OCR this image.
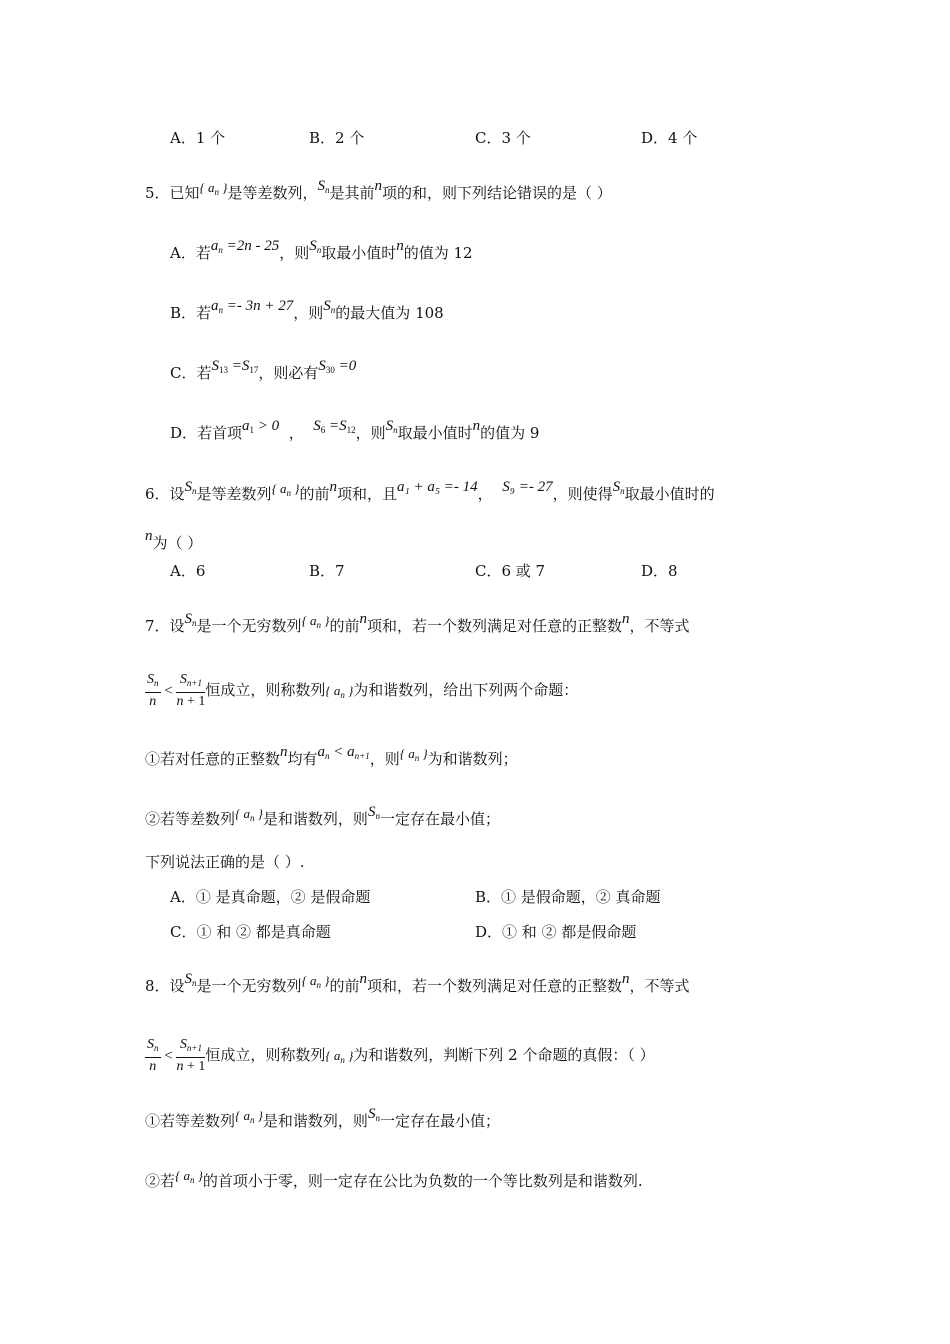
A．1 个	B．2 个	C．3 个	D．4 个
5．已知{ $a_n$ }是等差数列，$S_n$是其前n项的和，则下列结论错误的是（ ）
A．若$a_n =2n - 25$，则$S_n$取最小值时n的值为 12
B．若$a_n =- 3n + 27$，则$S_n$的最大值为 108
C．若$S_{13} =S_{17}$，则必有$S_{30} =0$
D．若首项$a_1 > 0$  ，  $S_6 =S_{12}$，则$S_n$取最小值时n的值为 9
6．设$S_n$是等差数列{ $a_n$ }的前n项和，且a₁ + a₅ =- 14， S₉ =- 27，则使得$S_n$取最小值时的
n为（ ）
A．6	B．7	C．6 或 7	D．8
7．设$S_n$是一个无穷数列{ $a_n$ }的前n项和，若一个数列满足对任意的正整数n，不等式
$\frac{S_n}{n} < \frac{S_{n+1}}{n + 1}$ 恒成立，则称数列{ $a_n$ }为和谐数列，给出下列两个命题：
①若对任意的正整数n均有$a_n < a_{n+1}$，则{ $a_n$ }为和谐数列；
②若等差数列{ $a_n$ }是和谐数列，则$S_n$一定存在最小值；
下列说法正确的是（ ）.
A．① 是真命题，② 是假命题	B．① 是假命题，② 真命题
C．① 和 ② 都是真命题	D．① 和 ② 都是假命题
8．设$S_n$是一个无穷数列{ $a_n$ }的前n项和，若一个数列满足对任意的正整数n，不等式
$\frac{S_n}{n} < \frac{S_{n+1}}{n + 1}$ 恒成立，则称数列{ $a_n$ }为和谐数列，判断下列 2 个命题的真假：（ ）
①若等差数列{ $a_n$ }是和谐数列，则$S_n$一定存在最小值；
②若{ $a_n$ }的首项小于零，则一定存在公比为负数的一个等比数列是和谐数列.
